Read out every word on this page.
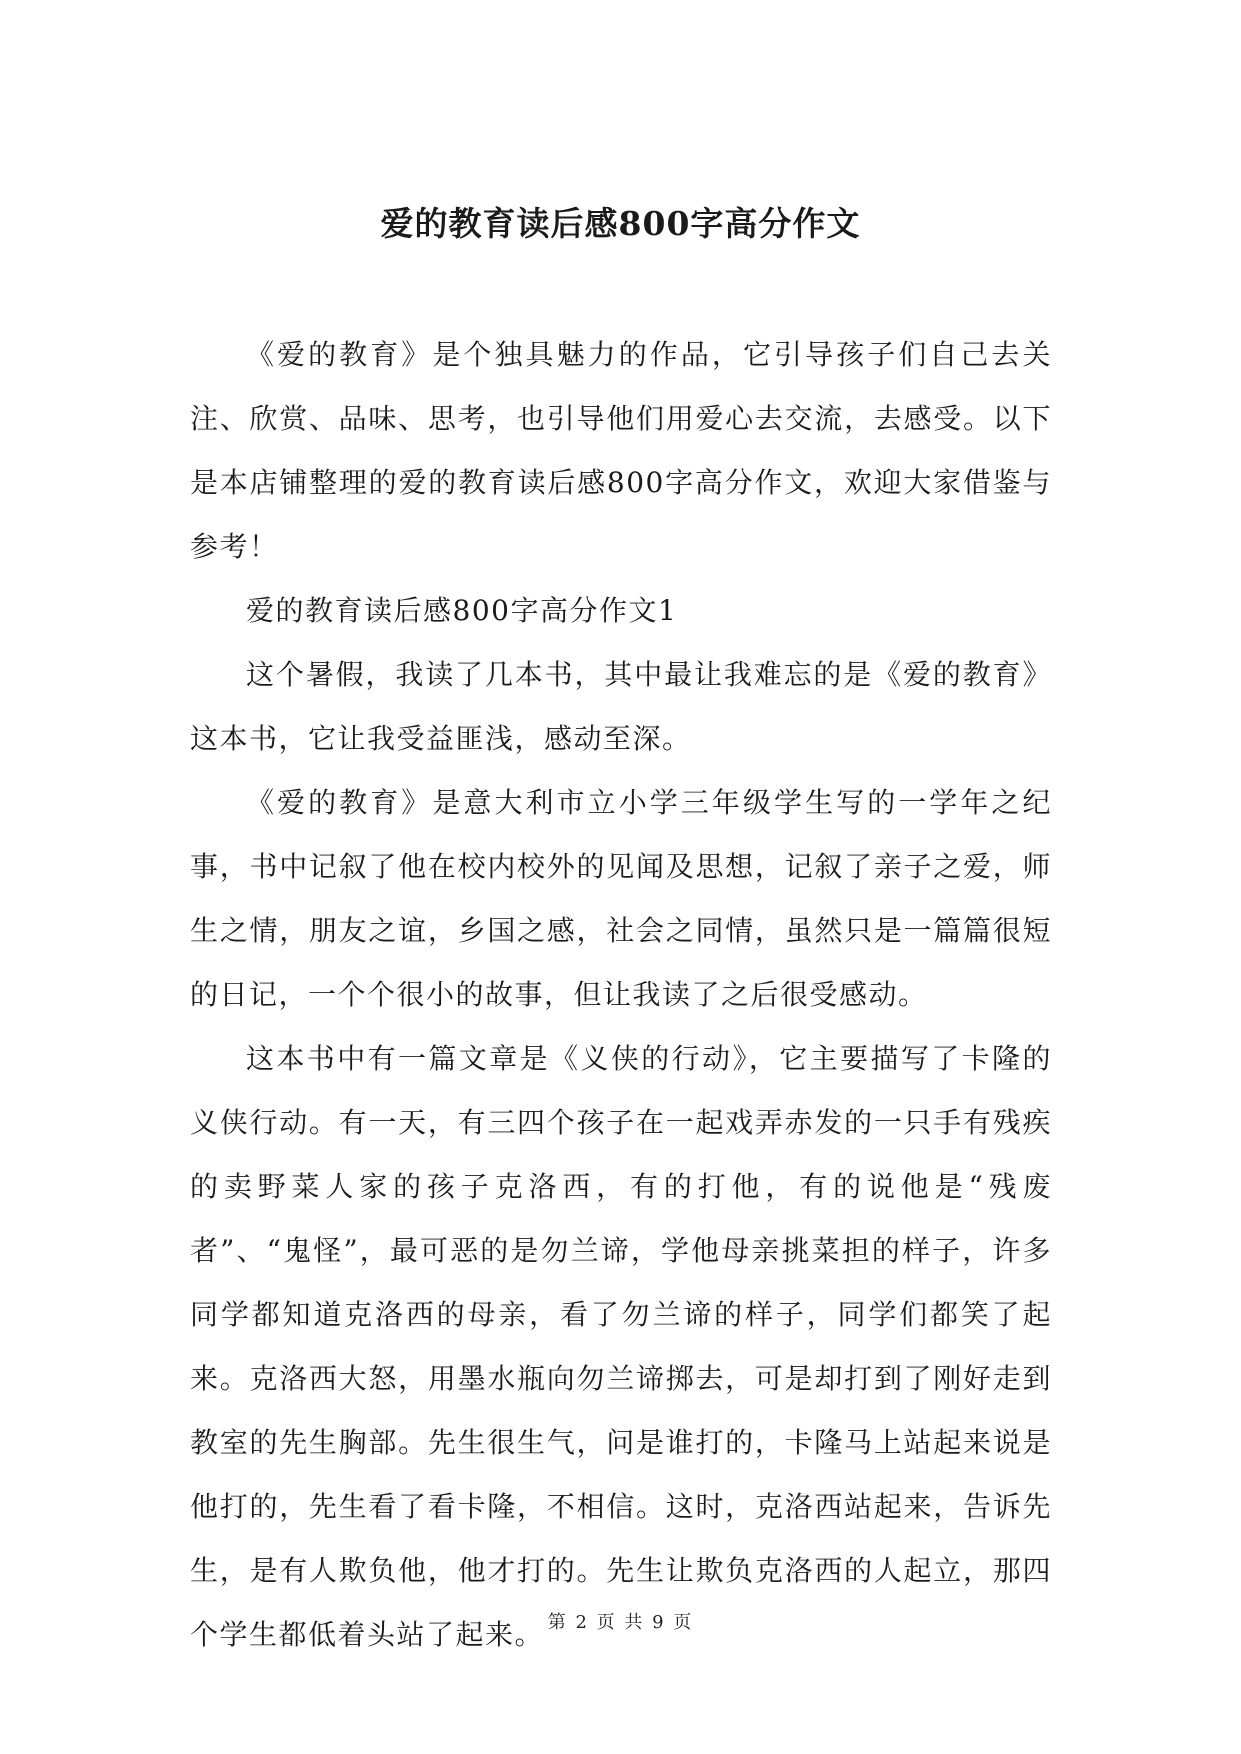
爱的教育读后感800字高分作文

《爱的教育》是个独具魅力的作品，它引导孩子们自己去关注、欣赏、品味、思考，也引导他们用爱心去交流，去感受。以下是本店铺整理的爱的教育读后感800字高分作文，欢迎大家借鉴与参考！

爱的教育读后感800字高分作文1

这个暑假，我读了几本书，其中最让我难忘的是《爱的教育》这本书，它让我受益匪浅，感动至深。

《爱的教育》是意大利市立小学三年级学生写的一学年之纪事，书中记叙了他在校内校外的见闻及思想，记叙了亲子之爱，师生之情，朋友之谊，乡国之感，社会之同情，虽然只是一篇篇很短的日记，一个个很小的故事，但让我读了之后很受感动。

这本书中有一篇文章是《义侠的行动》，它主要描写了卡隆的义侠行动。有一天，有三四个孩子在一起戏弄赤发的一只手有残疾的卖野菜人家的孩子克洛西，有的打他，有的说他是“残废者”、“鬼怪”，最可恶的是勿兰谛，学他母亲挑菜担的样子，许多同学都知道克洛西的母亲，看了勿兰谛的样子，同学们都笑了起来。克洛西大怒，用墨水瓶向勿兰谛掷去，可是却打到了刚好走到教室的先生胸部。先生很生气，问是谁打的，卡隆马上站起来说是他打的，先生看了看卡隆，不相信。这时，克洛西站起来，告诉先生，是有人欺负他，他才打的。先生让欺负克洛西的人起立，那四个学生都低着头站了起来。 第 2 页 共 9 页
